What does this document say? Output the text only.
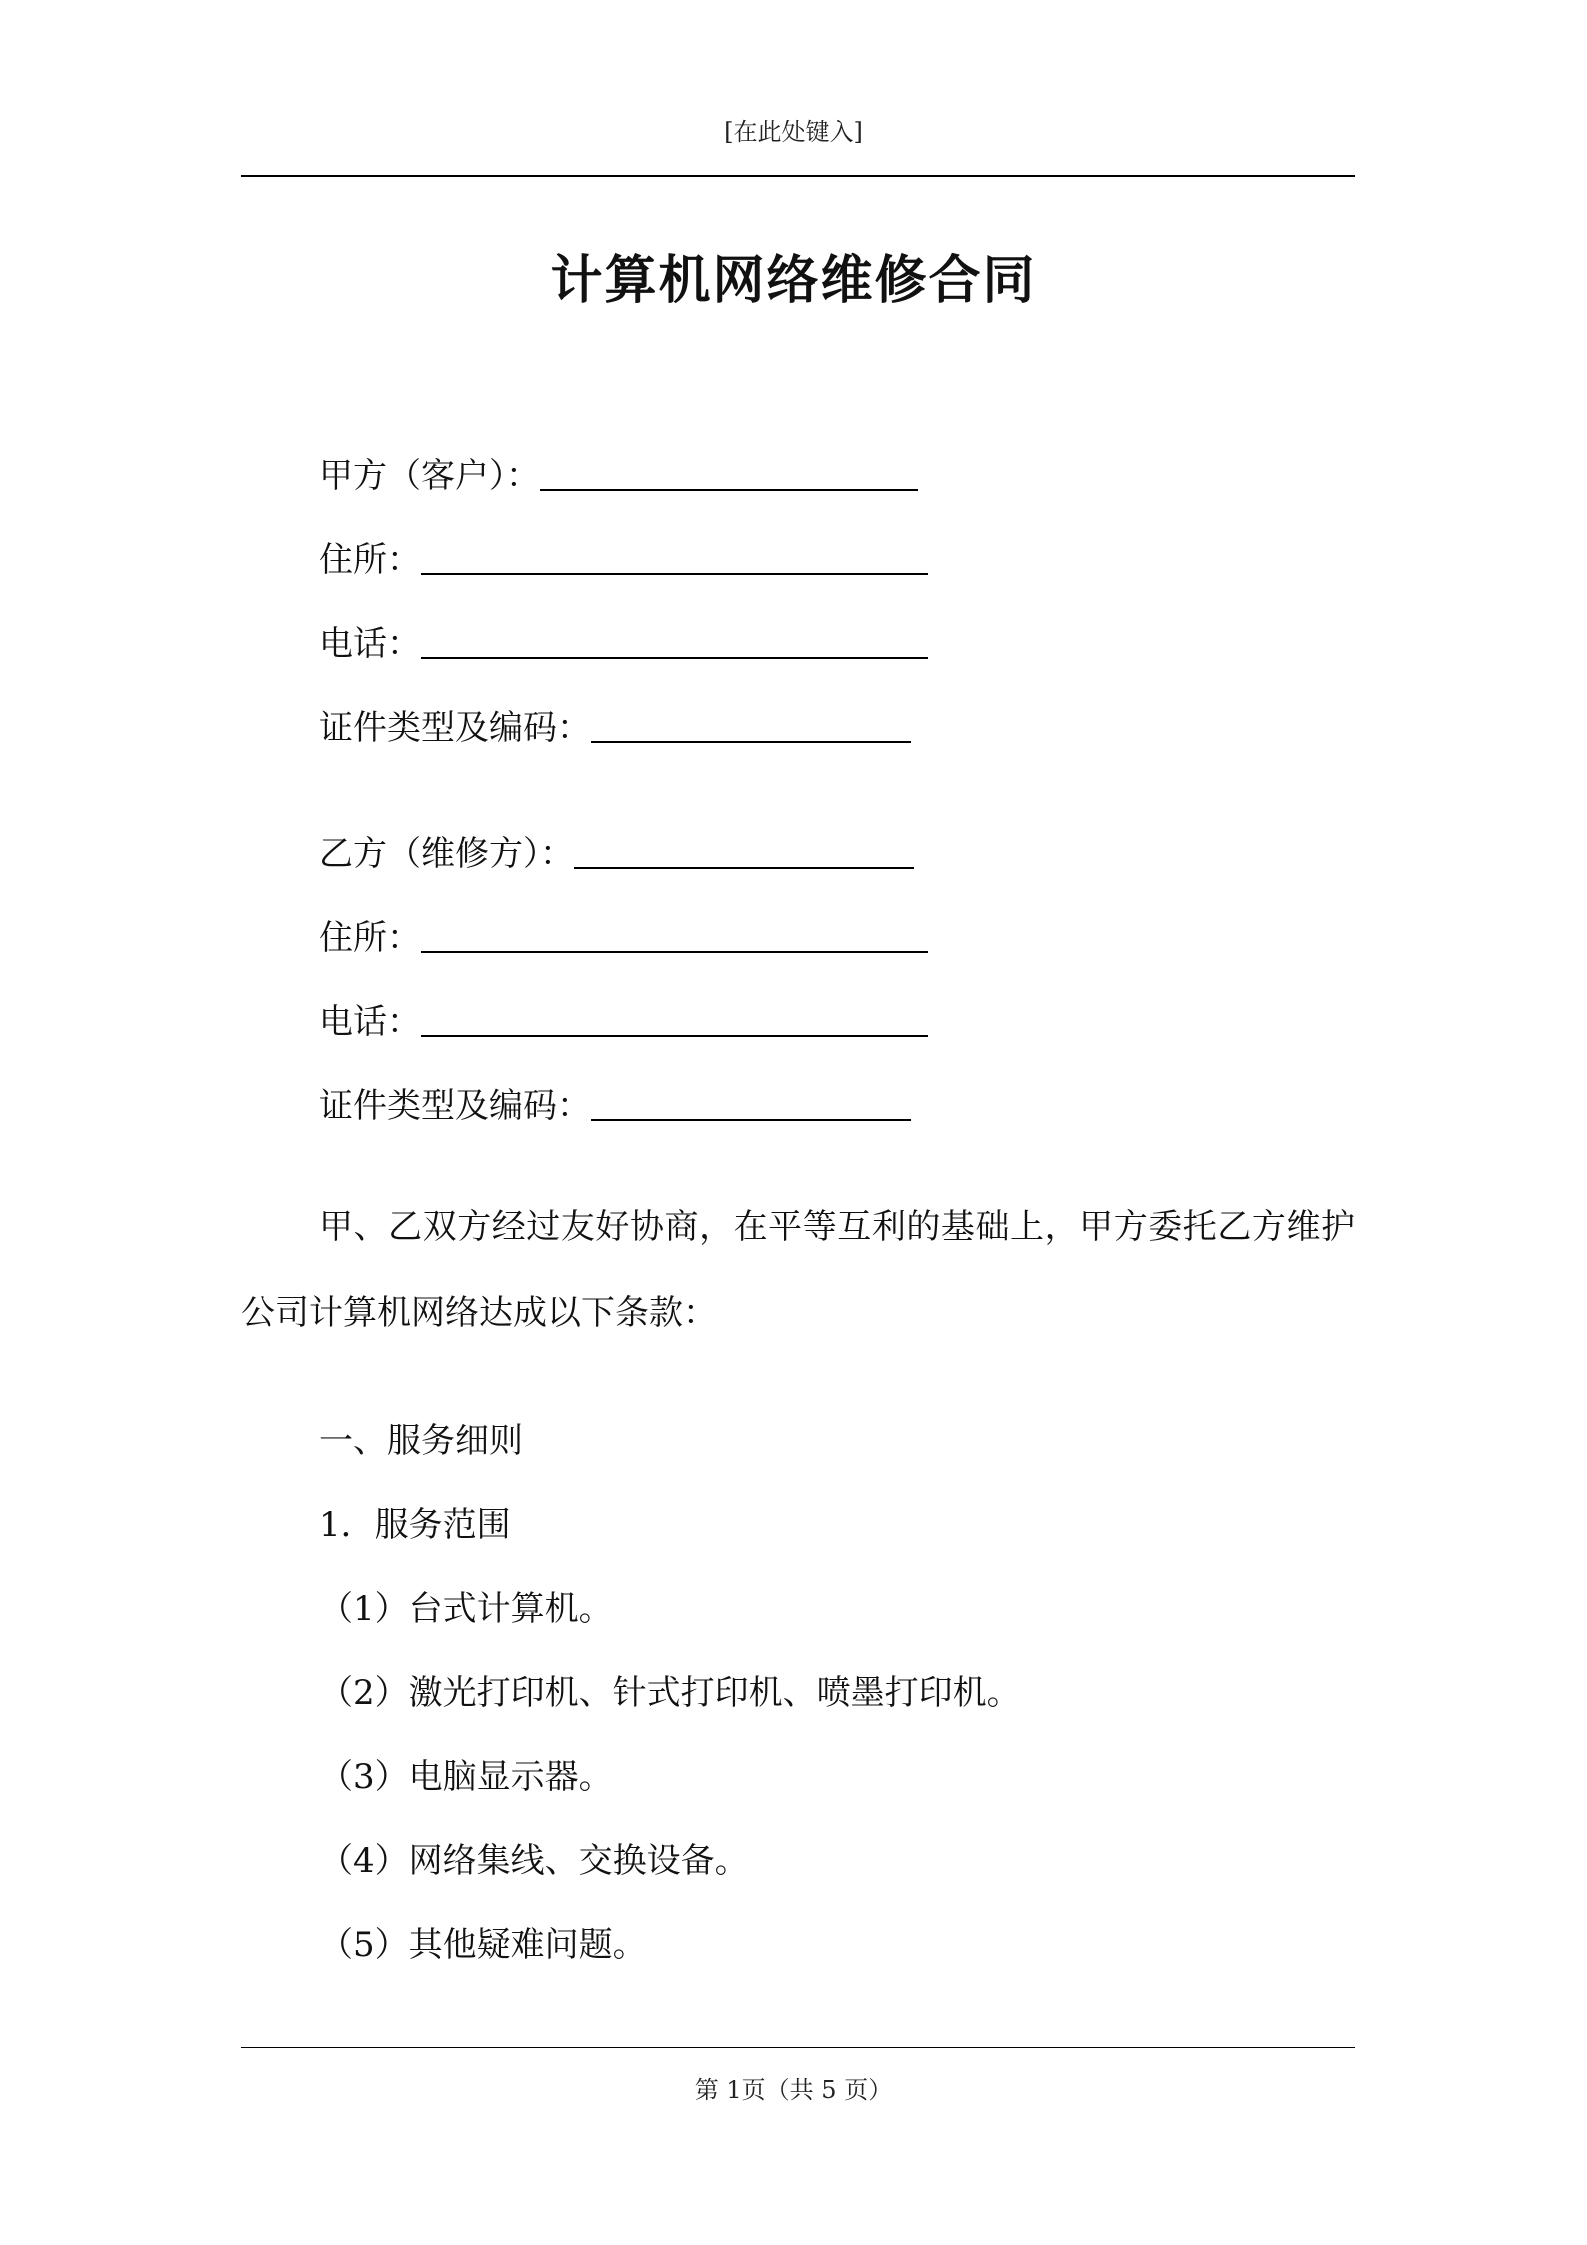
[在此处键入]
计算机网络维修合同
甲方（客户）：
住所：
电话：
证件类型及编码：
乙方（维修方）：
住所：
电话：
证件类型及编码：
甲、乙双方经过友好协商，在平等互利的基础上，甲方委托乙方维护公司计算机网络达成以下条款：
一、服务细则
1．服务范围
（1）台式计算机。
（2）激光打印机、针式打印机、喷墨打印机。
（3）电脑显示器。
（4）网络集线、交换设备。
（5）其他疑难问题。
第 1页（共 5 页）
